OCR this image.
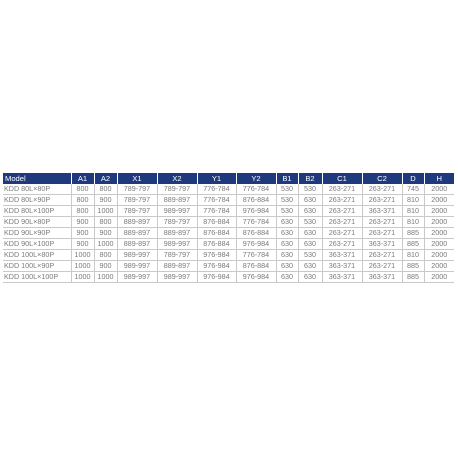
Model	A1	A2	X1	X2	Y1	Y2	B1	B2	C1	C2	D	H
KDD 80L×80P	800	800	789-797	789-797	776-784	776-784	530	530	263-271	263-271	745	2000
KDD 80L×90P	800	900	789-797	889-897	776-784	876-884	530	630	263-271	263-271	810	2000
KDD 80L×100P	800	1000	789-797	989-997	776-784	976-984	530	630	263-271	363-371	810	2000
KDD 90L×80P	900	800	889-897	789-797	876-884	776-784	630	530	263-271	263-271	810	2000
KDD 90L×90P	900	900	889-897	889-897	876-884	876-884	630	630	263-271	263-271	885	2000
KDD 90L×100P	900	1000	889-897	989-997	876-884	976-984	630	630	263-271	363-371	885	2000
KDD 100L×80P	1000	800	989-997	789-797	976-984	776-784	630	530	363-371	263-271	810	2000
KDD 100L×90P	1000	900	989-997	889-897	976-984	876-884	630	630	363-371	263-271	885	2000
KDD 100L×100P	1000	1000	989-997	989-997	976-984	976-984	630	630	363-371	363-371	885	2000
